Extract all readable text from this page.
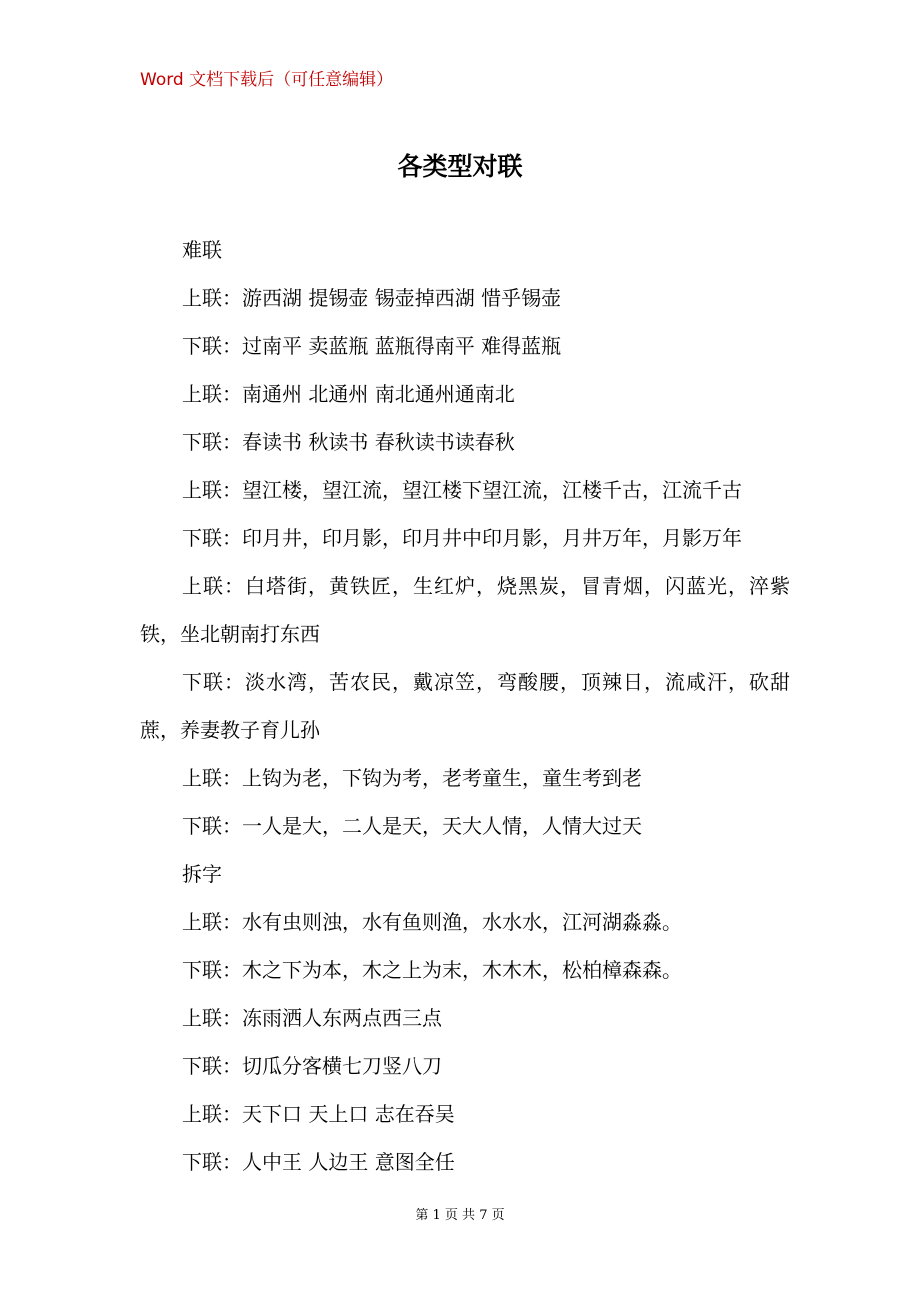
Word 文档下载后（可任意编辑）
各类型对联

难联

上联：游西湖 提锡壶 锡壶掉西湖 惜乎锡壶

下联：过南平 卖蓝瓶 蓝瓶得南平 难得蓝瓶

上联：南通州 北通州 南北通州通南北

下联：春读书 秋读书 春秋读书读春秋

上联：望江楼，望江流，望江楼下望江流，江楼千古，江流千古

下联：印月井，印月影，印月井中印月影，月井万年，月影万年

上联：白塔街，黄铁匠，生红炉，烧黑炭，冒青烟，闪蓝光，淬紫铁，坐北朝南打东西

下联：淡水湾，苦农民，戴凉笠，弯酸腰，顶辣日，流咸汗，砍甜蔗，养妻教子育儿孙

上联：上钩为老，下钩为考，老考童生，童生考到老

下联：一人是大，二人是天，天大人情，人情大过天

拆字

上联：水有虫则浊，水有鱼则渔，水水水，江河湖淼淼。

下联：木之下为本，木之上为末，木木木，松柏樟森森。

上联：冻雨洒人东两点西三点

下联：切瓜分客横七刀竖八刀

上联：天下口 天上口 志在吞吴

下联：人中王 人边王 意图全任

第 1 页 共 7 页
